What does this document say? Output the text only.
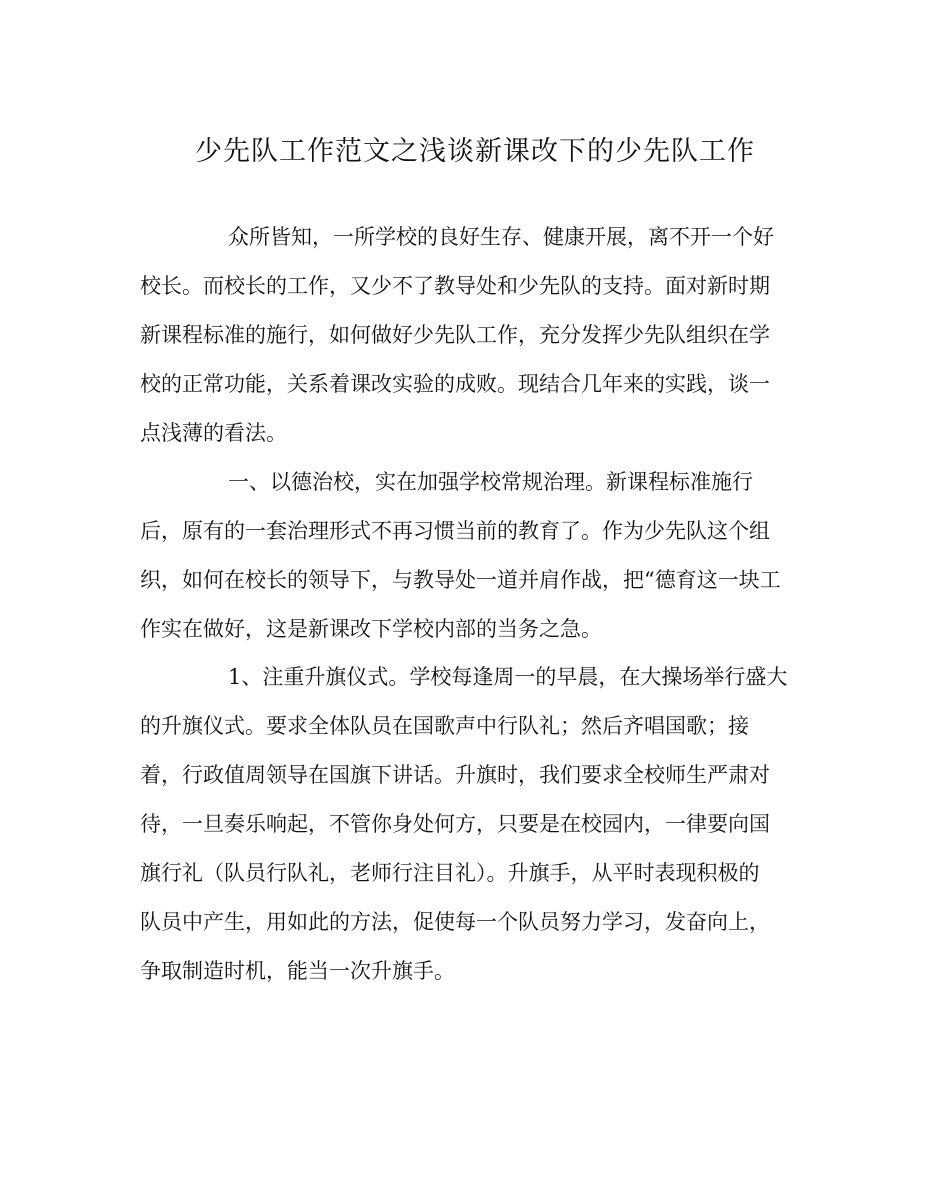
少先队工作范文之浅谈新课改下的少先队工作

众所皆知，一所学校的良好生存、健康开展，离不开一个好

校长。而校长的工作，又少不了教导处和少先队的支持。面对新时期

新课程标准的施行，如何做好少先队工作，充分发挥少先队组织在学

校的正常功能，关系着课改实验的成败。现结合几年来的实践，谈一

点浅薄的看法。

一、以德治校，实在加强学校常规治理。新课程标准施行

后，原有的一套治理形式不再习惯当前的教育了。作为少先队这个组

织，如何在校长的领导下，与教导处一道并肩作战，把“德育这一块工

作实在做好，这是新课改下学校内部的当务之急。

1、注重升旗仪式。学校每逢周一的早晨，在大操场举行盛大

的升旗仪式。要求全体队员在国歌声中行队礼；然后齐唱国歌；接

着，行政值周领导在国旗下讲话。升旗时，我们要求全校师生严肃对

待，一旦奏乐响起，不管你身处何方，只要是在校园内，一律要向国

旗行礼（队员行队礼，老师行注目礼）。升旗手，从平时表现积极的

队员中产生，用如此的方法，促使每一个队员努力学习，发奋向上，

争取制造时机，能当一次升旗手。
